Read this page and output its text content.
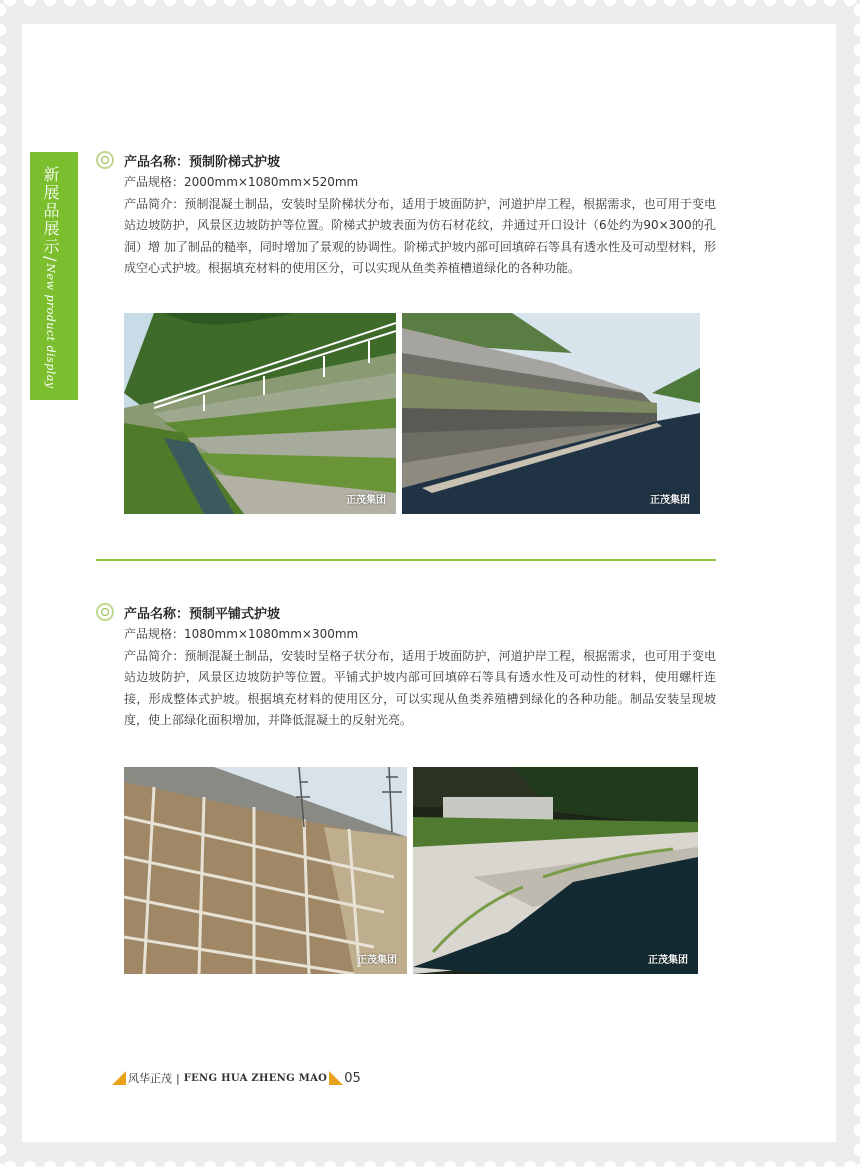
新展品展示/New product display
产品名称：预制阶梯式护坡
产品规格：2000mm×1080mm×520mm
产品简介：预制混凝土制品，安装时呈阶梯状分布，适用于坡面防护，河道护岸工程，根据需求，也可用于变电站边坡防护，风景区边坡防护等位置。阶梯式护坡表面为仿石材花纹，并通过开口设计（6处约为90×300的孔洞）增 加了制品的糙率，同时增加了景观的协调性。阶梯式护坡内部可回填碎石等具有透水性及可动型材料，形成空心式护坡。根据填充材料的使用区分，可以实现从鱼类养植槽道绿化的各种功能。
正茂集团	正茂集团
产品名称：预制平铺式护坡
产品规格：1080mm×1080mm×300mm
产品简介：预制混凝土制品，安装时呈格子状分布，适用于坡面防护，河道护岸工程，根据需求，也可用于变电站边坡防护，风景区边坡防护等位置。平铺式护坡内部可回填碎石等具有透水性及可动性的材料，使用螺杆连接，形成整体式护坡。根据填充材料的使用区分，可以实现从鱼类养殖槽到绿化的各种功能。制品安装呈现坡度，使上部绿化面积增加，并降低混凝土的反射光亮。
正茂集团	正茂集团
风华正茂 | FENG HUA ZHENG MAO 05
